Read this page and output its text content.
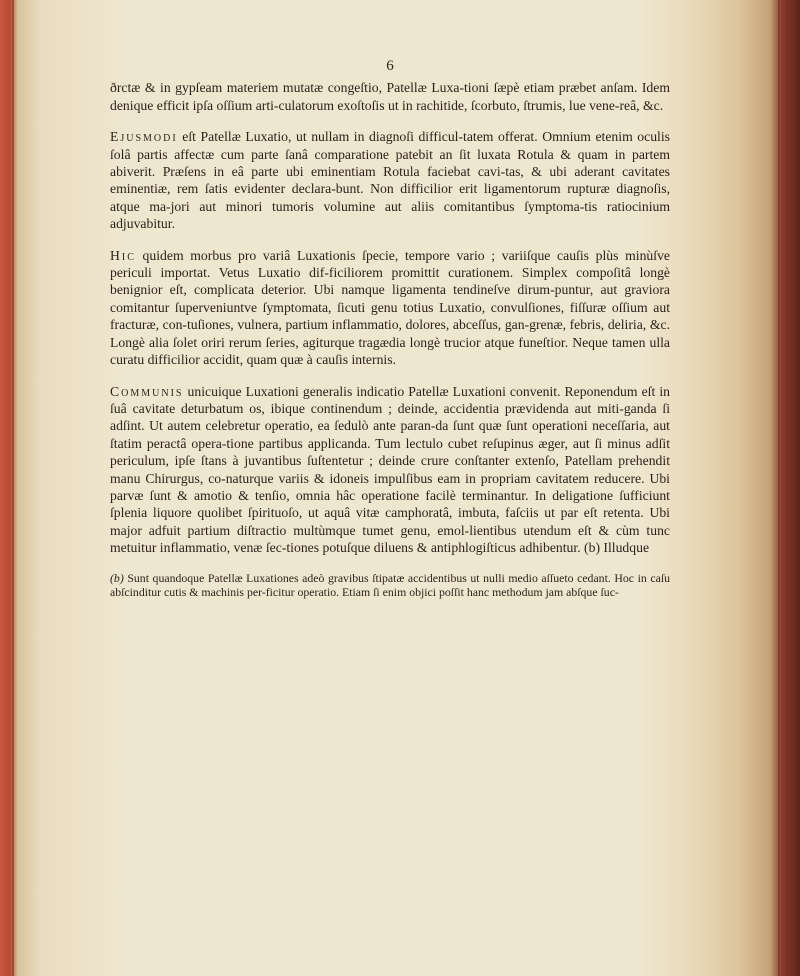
6

ðrctæ & in gypſeam materiem mutatæ congeſtio, Patellæ Luxa-tioni ſæpè etiam præbet anſam. Idem denique efficit ipſa oſſium arti-culatorum exoſtoſis ut in rachitide, ſcorbuto, ſtrumis, lue vene-reâ, &c.

Ejusmodi eſt Patellæ Luxatio, ut nullam in diagnoſi difficul-tatem offerat. Omnium etenim oculis ſolâ partis affectæ cum parte ſanâ comparatione patebit an ſit luxata Rotula & quam in partem abiverit. Præſens in eâ parte ubi eminentiam Rotula faciebat cavi-tas, & ubi aderant cavitates eminentiæ, rem ſatis evidenter declara-bunt. Non difficilior erit ligamentorum rupturæ diagnoſis, atque ma-jori aut minori tumoris volumine aut aliis comitantibus ſymptoma-tis ratiocinium adjuvabitur.

Hic quidem morbus pro variâ Luxationis ſpecie, tempore vario ; variiſque cauſis plùs minùſve periculi importat. Vetus Luxatio dif-ficiliorem promittit curationem. Simplex compoſitâ longè benignior eſt, complicata deterior. Ubi namque ligamenta tendineſve dirum-puntur, aut graviora comitantur ſuperveniuntve ſymptomata, ſicuti genu totius Luxatio, convulſiones, fiſſuræ oſſium aut fracturæ, con-tuſiones, vulnera, partium inflammatio, dolores, abceſſus, gan-grenæ, febris, deliria, &c. Longè alia ſolet oriri rerum ſeries, agiturque tragædia longè trucior atque funeſtior. Neque tamen ulla curatu difficilior accidit, quam quæ à cauſis internis.

Communis unicuique Luxationi generalis indicatio Patellæ Luxationi convenit. Reponendum eſt in ſuâ cavitate deturbatum os, ibique continendum ; deinde, accidentia prævidenda aut miti-ganda ſi adſint. Ut autem celebretur operatio, ea ſedulò ante paran-da ſunt quæ ſunt operationi neceſſaria, aut ſtatim peractâ opera-tione partibus applicanda. Tum lectulo cubet reſupinus æger, aut ſi minus adſit periculum, ipſe ſtans à juvantibus ſuſtentetur ; deinde crure conſtanter extenſo, Patellam prehendit manu Chirurgus, co-naturque variis & idoneis impulſibus eam in propriam cavitatem reducere. Ubi parvæ ſunt & amotio & tenſio, omnia hâc operatione facilè terminantur. In deligatione ſufficiunt ſplenia liquore quolibet ſpirituoſo, ut aquâ vitæ camphoratâ, imbuta, faſciis ut par eſt retenta. Ubi major adfuit partium diſtractio multùmque tumet genu, emol-lientibus utendum eſt & cùm tunc metuitur inflammatio, venæ ſec-tiones potuſque diluens & antiphlogiſticus adhibentur. (b) Illudque

(b) Sunt quandoque Patellæ Luxationes adeò gravibus ſtipatæ accidentibus ut nulli medio aſſueto cedant. Hoc in caſu abſcinditur cutis & machinis per-ficitur operatio. Etiam ſi enim objici poſſit hanc methodum jam abſque ſuc-
